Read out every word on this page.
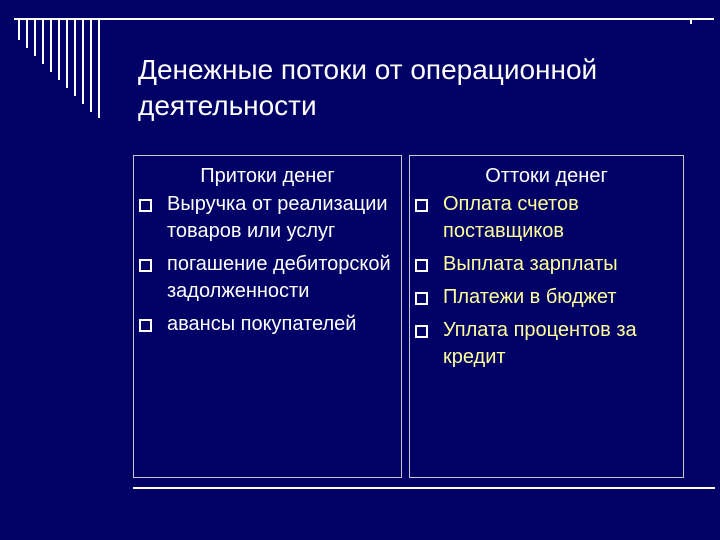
Денежные потоки от операционной деятельности
Притоки денег
Выручка от реализации товаров или услуг
погашение дебиторской задолженности
авансы покупателей
Оттоки денег
Оплата счетов поставщиков
Выплата зарплаты
Платежи в бюджет
Уплата процентов за кредит
